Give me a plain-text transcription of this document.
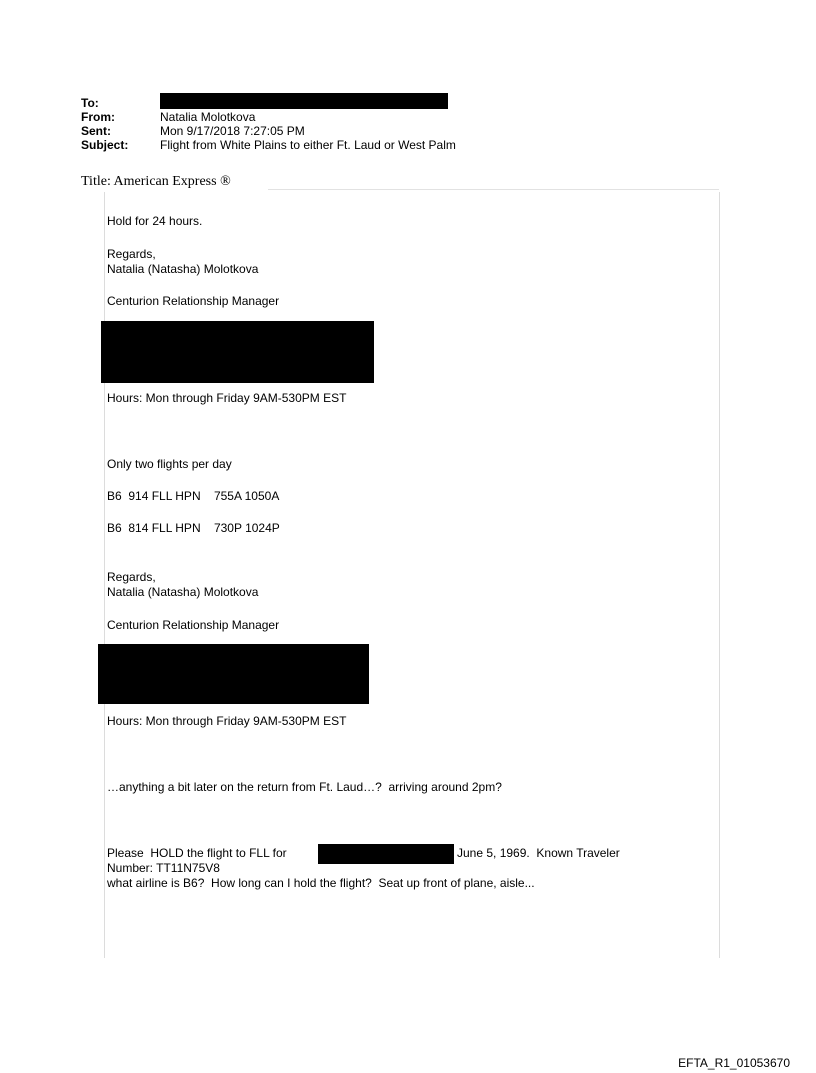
To:
From:	Natalia Molotkova
Sent:	Mon 9/17/2018 7:27:05 PM
Subject:	Flight from White Plains to either Ft. Laud or West Palm
Title: American Express ®
Hold for 24 hours.
Regards,
Natalia (Natasha) Molotkova
Centurion Relationship Manager
Hours: Mon through Friday 9AM-530PM EST
Only two flights per day
B6  914 FLL HPN    755A 1050A
B6  814 FLL HPN    730P 1024P
Regards,
Natalia (Natasha) Molotkova
Centurion Relationship Manager
Hours: Mon through Friday 9AM-530PM EST
…anything a bit later on the return from Ft. Laud…?  arriving around 2pm?
Please  HOLD the flight to FLL for	June 5, 1969.  Known Traveler
Number: TT11N75V8
what airline is B6?  How long can I hold the flight?  Seat up front of plane, aisle...
EFTA_R1_01053670
